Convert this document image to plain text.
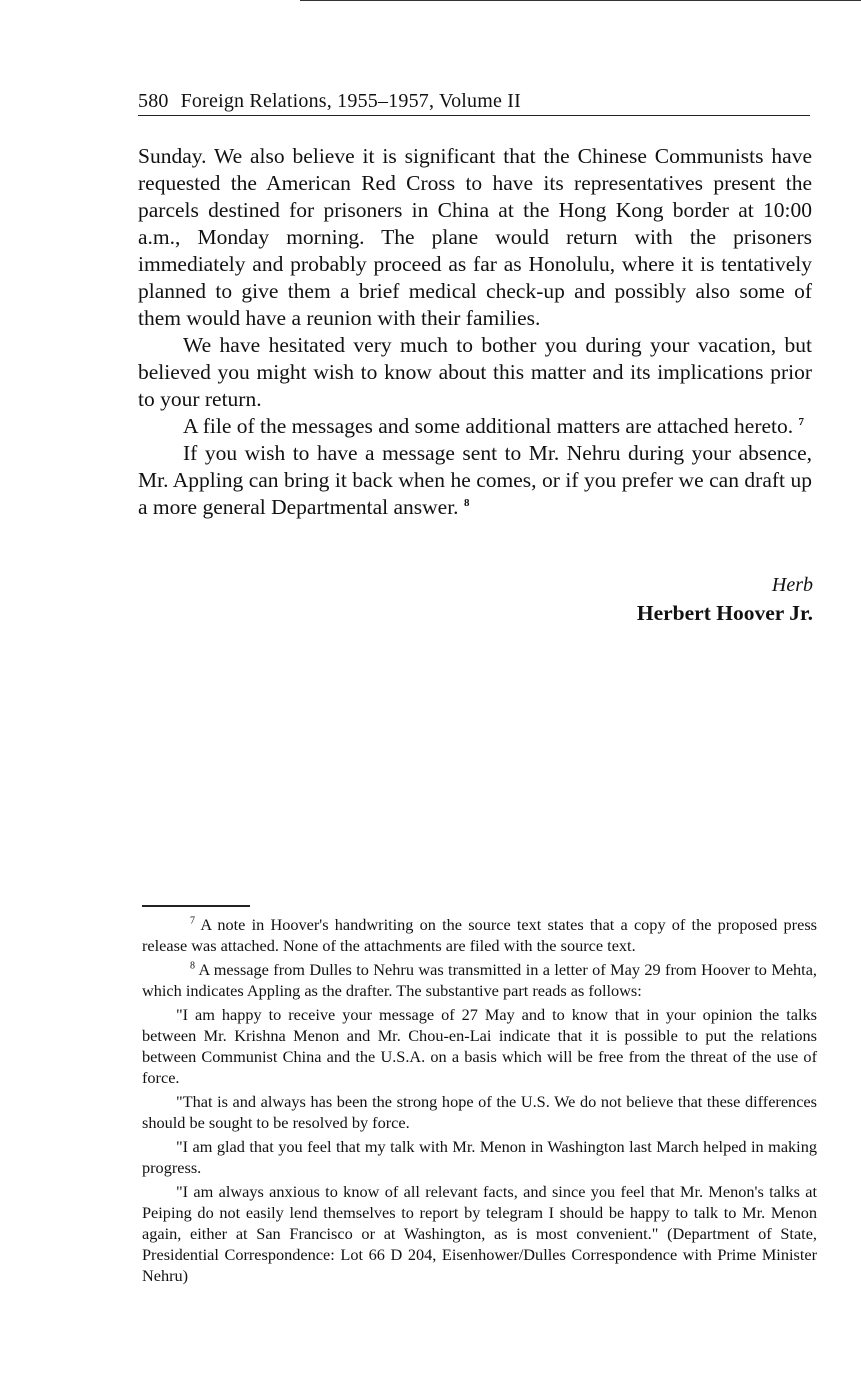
580 Foreign Relations, 1955–1957, Volume II

Sunday. We also believe it is significant that the Chinese Communists have requested the American Red Cross to have its representatives present the parcels destined for prisoners in China at the Hong Kong border at 10:00 a.m., Monday morning. The plane would return with the prisoners immediately and probably proceed as far as Honolulu, where it is tentatively planned to give them a brief medical check-up and possibly also some of them would have a reunion with their families.

We have hesitated very much to bother you during your vacation, but believed you might wish to know about this matter and its implications prior to your return.

A file of the messages and some additional matters are attached hereto. $^7$

If you wish to have a message sent to Mr. Nehru during your absence, Mr. Appling can bring it back when he comes, or if you prefer we can draft up a more general Departmental answer. $^8$

Herb
Herbert Hoover Jr.

$^7$ A note in Hoover's handwriting on the source text states that a copy of the proposed press release was attached. None of the attachments are filed with the source text.

$^8$ A message from Dulles to Nehru was transmitted in a letter of May 29 from Hoover to Mehta, which indicates Appling as the drafter. The substantive part reads as follows:

"I am happy to receive your message of 27 May and to know that in your opinion the talks between Mr. Krishna Menon and Mr. Chou-en-Lai indicate that it is possible to put the relations between Communist China and the U.S.A. on a basis which will be free from the threat of the use of force.

"That is and always has been the strong hope of the U.S. We do not believe that these differences should be sought to be resolved by force.

"I am glad that you feel that my talk with Mr. Menon in Washington last March helped in making progress.

"I am always anxious to know of all relevant facts, and since you feel that Mr. Menon's talks at Peiping do not easily lend themselves to report by telegram I should be happy to talk to Mr. Menon again, either at San Francisco or at Washington, as is most convenient." (Department of State, Presidential Correspondence: Lot 66 D 204, Eisenhower/Dulles Correspondence with Prime Minister Nehru)
